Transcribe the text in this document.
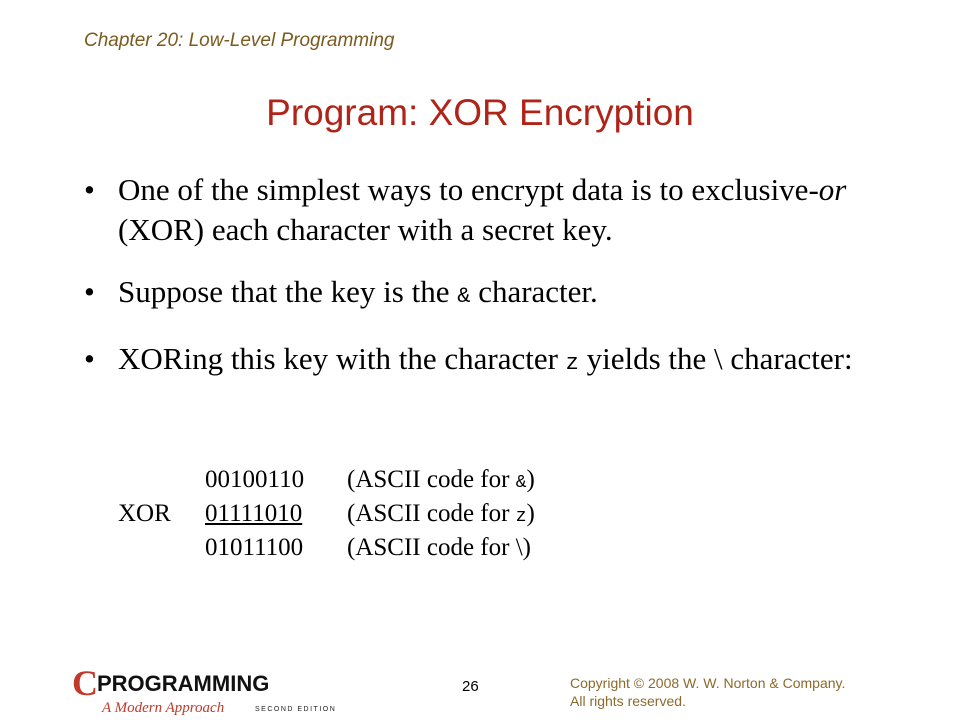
Chapter 20: Low-Level Programming
Program: XOR Encryption
• One of the simplest ways to encrypt data is to exclusive-or (XOR) each character with a secret key.
• Suppose that the key is the & character.
• XORing this key with the character z yields the \ character:
00100110 (ASCII code for &)
XOR 01111010 (ASCII code for z)
01011100 (ASCII code for \)
C PROGRAMMING
A Modern Approach	SECOND EDITION
26	Copyright © 2008 W. W. Norton & Company.
All rights reserved.
